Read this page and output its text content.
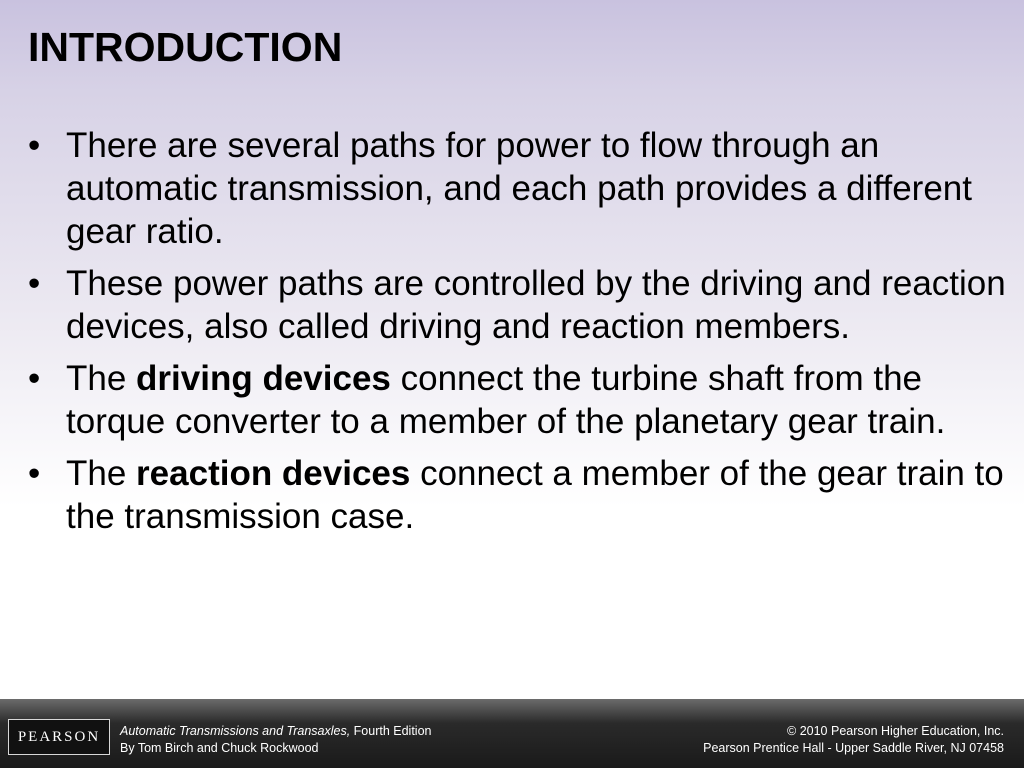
INTRODUCTION
• There are several paths for power to flow through an automatic transmission, and each path provides a different gear ratio.
• These power paths are controlled by the driving and reaction devices, also called driving and reaction members.
• The driving devices connect the turbine shaft from the torque converter to a member of the planetary gear train.
• The reaction devices connect a member of the gear train to the transmission case.
PEARSON	Automatic Transmissions and Transaxles, Fourth Edition
By Tom Birch and Chuck Rockwood
© 2010 Pearson Higher Education, Inc.
Pearson Prentice Hall - Upper Saddle River, NJ 07458
